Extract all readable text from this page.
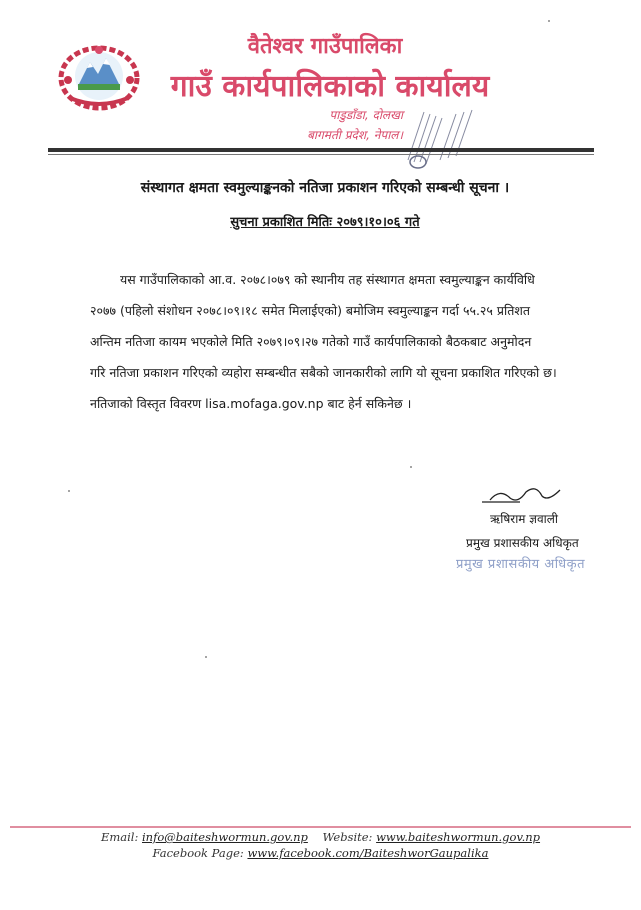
वैतेश्वर गाउँपालिका
गाउँ कार्यपालिकाको कार्यालय
पाडुडाँडा, दोलखा
बागमती प्रदेश, नेपाल।
संस्थागत क्षमता स्वमुल्याङ्कनको नतिजा प्रकाशन गरिएको सम्बन्धी सूचना ।
सुचना प्रकाशित मितिः २०७९।१०।०६ गते
यस गाउँपालिकाको आ.व. २०७८।०७९ को स्थानीय तह संस्थागत क्षमता स्वमुल्याङ्कन कार्यविधि
२०७७ (पहिलो संशोधन २०७८।०९।१८ समेत मिलाईएको) बमोजिम स्वमुल्याङ्कन गर्दा ५५.२५ प्रतिशत
अन्तिम नतिजा कायम भएकोले मिति २०७९।०९।२७ गतेको गाउँ कार्यपालिकाको बैठकबाट अनुमोदन
गरि नतिजा प्रकाशन गरिएको व्यहोरा सम्बन्धीत सबैको जानकारीको लागि यो सूचना प्रकाशित गरिएको छ।
नतिजाको विस्तृत विवरण lisa.mofaga.gov.np बाट हेर्न सकिनेछ ।
ऋषिराम ज्ञवाली
प्रमुख प्रशासकीय अधिकृत
प्रमुख प्रशासकीय अधिकृत
Email: info@baiteshwormun.gov.np Website: www.baiteshwormun.gov.np
Facebook Page: www.facebook.com/BaiteshworGaupalika
